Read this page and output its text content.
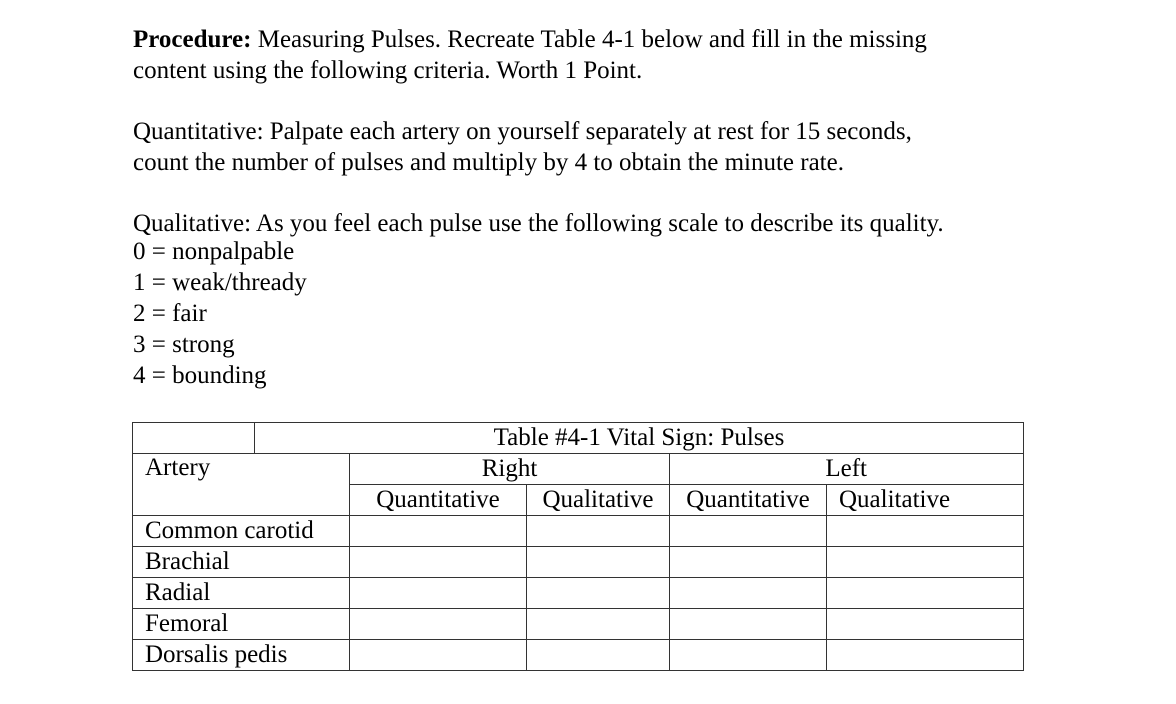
Procedure: Measuring Pulses. Recreate Table 4-1 below and fill in the missing
content using the following criteria. Worth 1 Point.

Quantitative: Palpate each artery on yourself separately at rest for 15 seconds,
count the number of pulses and multiply by 4 to obtain the minute rate.

Qualitative: As you feel each pulse use the following scale to describe its quality.

0 = nonpalpable
1 = weak/thready
2 = fair
3 = strong
4 = bounding
	Table #4-1 Vital Sign: Pulses				
Artery		Right		Left	
		Quantitative	Qualitative	Quantitative	Qualitative
Common carotid					
Brachial					
Radial					
Femoral					
Dorsalis pedis					
